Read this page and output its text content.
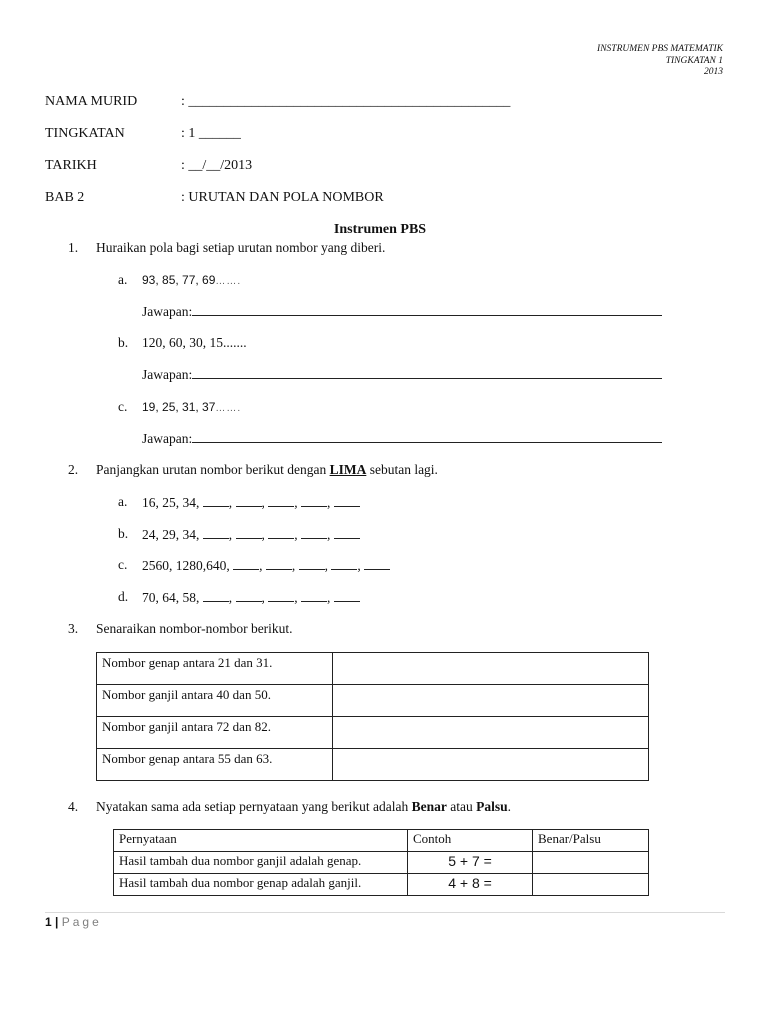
INSTRUMEN PBS MATEMATIK
TINGKATAN 1
2013
NAMA MURID	: ______________________________________________
TINGKATAN	: 1 ______
TARIKH	: __/__/2013
BAB 2	: URUTAN DAN POLA NOMBOR
Instrumen PBS
1. Huraikan pola bagi setiap urutan nombor yang diberi.
a. 93, 85, 77, 69…….
Jawapan:
b. 120, 60, 30, 15.......
Jawapan:
c. 19, 25, 31, 37…….
Jawapan:
2. Panjangkan urutan nombor berikut dengan LIMA sebutan lagi.
a. 16, 25, 34, , , , ,
b. 24, 29, 34, , , , ,
c. 2560, 1280,640, , , , ,
d. 70, 64, 58, , , , ,
3. Senaraikan nombor-nombor berikut.
Nombor genap antara 21 dan 31.	
Nombor ganjil antara 40 dan 50.	
Nombor ganjil antara 72 dan 82.	
Nombor genap antara 55 dan 63.	
4. Nyatakan sama ada setiap pernyataan yang berikut adalah Benar atau Palsu.
Pernyataan	Contoh	Benar/Palsu
Hasil tambah dua nombor ganjil adalah genap.	5 + 7 =	
Hasil tambah dua nombor genap adalah ganjil.	4 + 8 =	
1 | Page
